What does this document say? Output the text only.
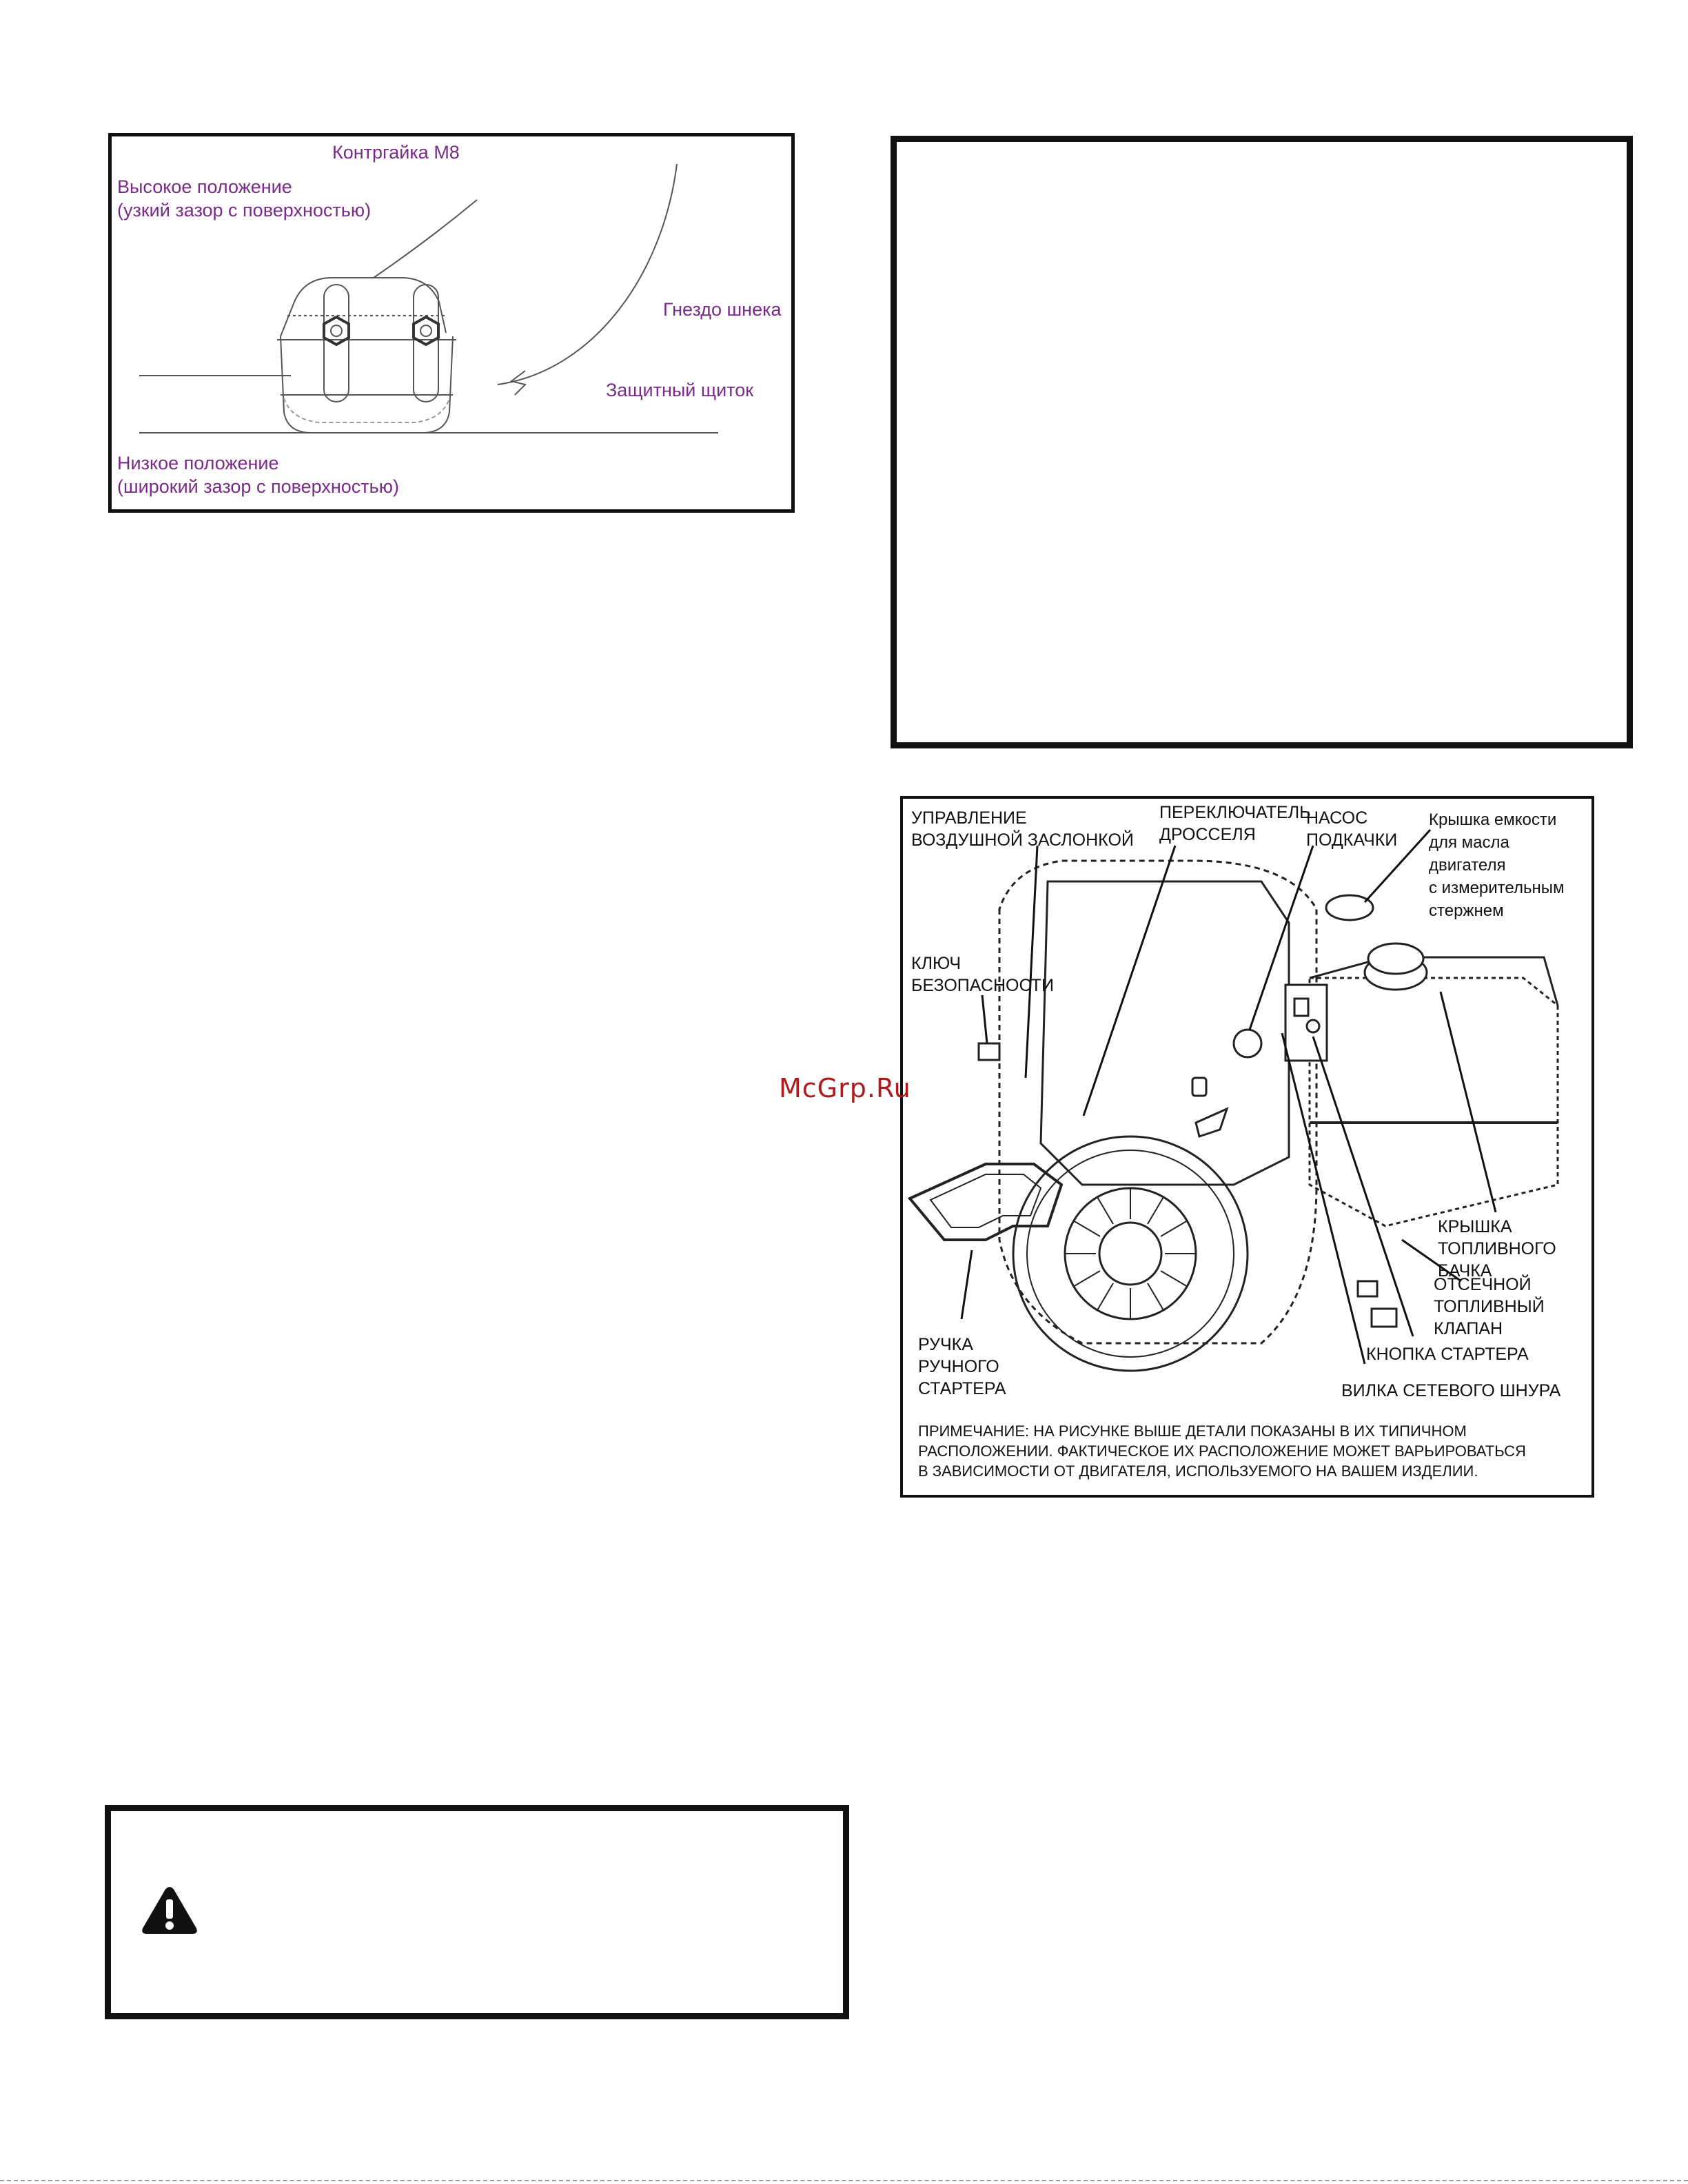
Контргайка М8
Высокое положение
(узкий зазор с поверхностью)
Гнездо шнека
Защитный щиток
Низкое положение
(широкий зазор с поверхностью)
УПРАВЛЕНИЕ
ВОЗДУШНОЙ ЗАСЛОНКОЙ
ПЕРЕКЛЮЧАТЕЛЬ
ДРОССЕЛЯ
НАСОС
ПОДКАЧКИ
Крышка емкости
для масла
двигателя
с измерительным
стержнем
КЛЮЧ
БЕЗОПАСНОСТИ
КРЫШКА
ТОПЛИВНОГО
БАЧКА
ОТСЕЧНОЙ
ТОПЛИВНЫЙ
КЛАПАН
КНОПКА СТАРТЕРА
ВИЛКА СЕТЕВОГО ШНУРА
РУЧКА
РУЧНОГО
СТАРТЕРА
ПРИМЕЧАНИЕ: НА РИСУНКЕ ВЫШЕ ДЕТАЛИ ПОКАЗАНЫ В ИХ ТИПИЧНОМ
РАСПОЛОЖЕНИИ. ФАКТИЧЕСКОЕ ИХ РАСПОЛОЖЕНИЕ МОЖЕТ ВАРЬИРОВАТЬСЯ
В ЗАВИСИМОСТИ ОТ ДВИГАТЕЛЯ, ИСПОЛЬЗУЕМОГО НА ВАШЕМ ИЗДЕЛИИ.
McGrp.Ru
